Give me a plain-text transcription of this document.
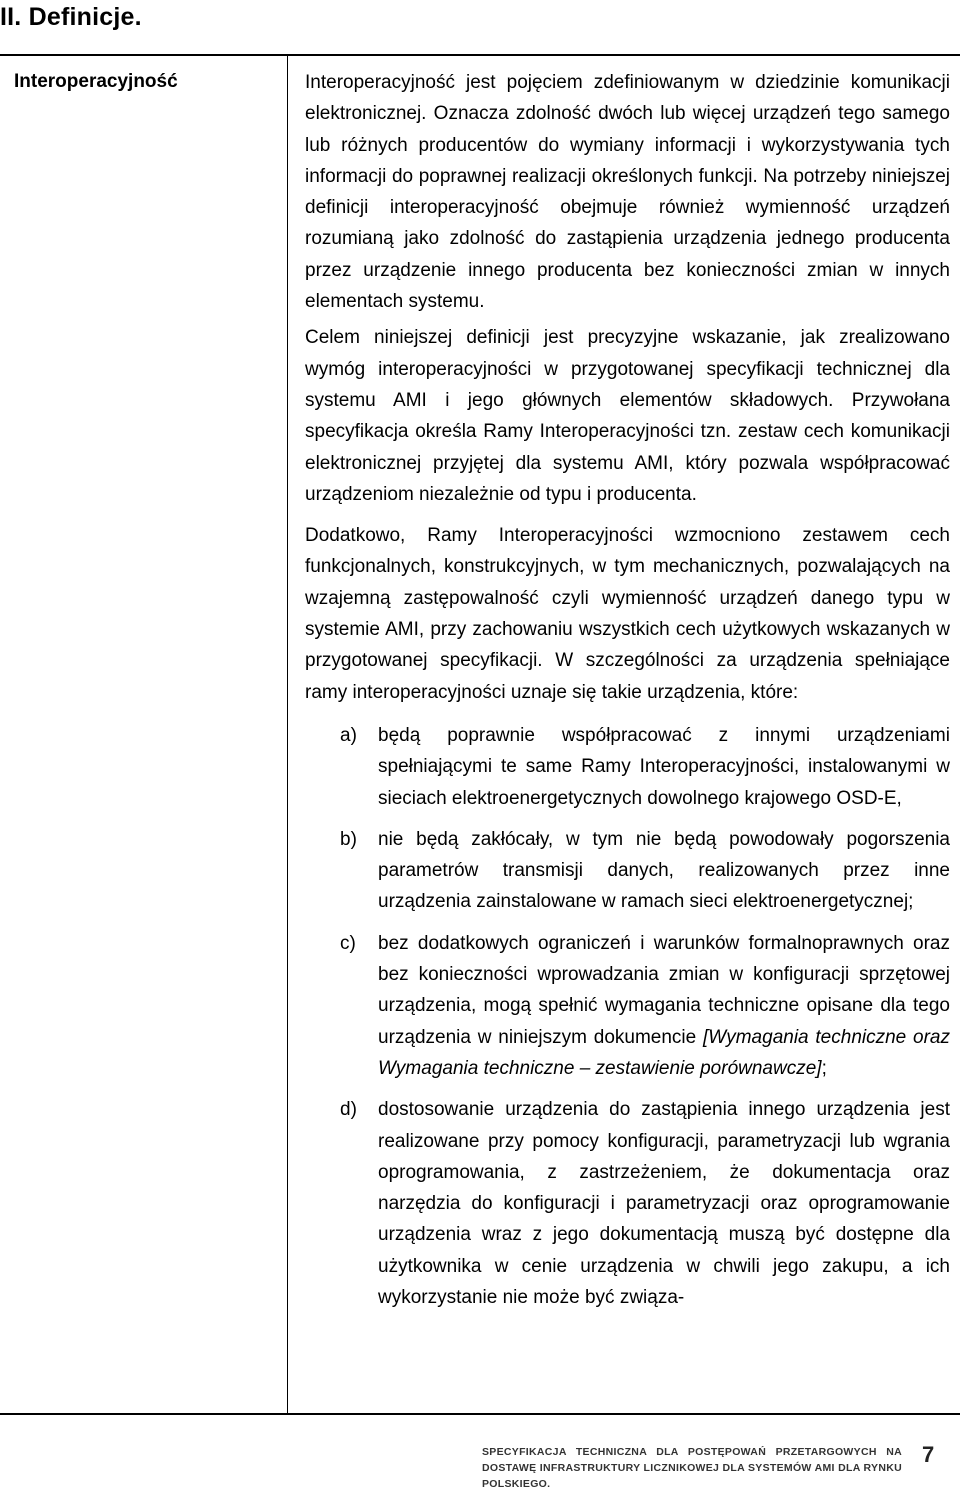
II. Definicje.
Interoperacyjność	Interoperacyjność jest pojęciem zdefiniowanym w dziedzinie komunikacji elektronicznej. Oznacza zdolność dwóch lub więcej urządzeń tego samego lub różnych producentów do wymiany informacji i wykorzystywania tych informacji do poprawnej realizacji określonych funkcji. Na potrzeby niniejszej definicji interoperacyjność obejmuje również wymienność urządzeń rozumianą jako zdolność do zastąpienia urządzenia jednego producenta przez urządzenie innego producenta bez konieczności zmian w innych elementach systemu.

Celem niniejszej definicji jest precyzyjne wskazanie, jak zrealizowano wymóg interoperacyjności w przygotowanej specyfikacji technicznej dla systemu AMI i jego głównych elementów składowych. Przywołana specyfikacja określa Ramy Interoperacyjności tzn. zestaw cech komunikacji elektronicznej przyjętej dla systemu AMI, który pozwala współpracować urządzeniom niezależnie od typu i producenta.

Dodatkowo, Ramy Interoperacyjności wzmocniono zestawem cech funkcjonalnych, konstrukcyjnych, w tym mechanicznych, pozwalających na wzajemną zastępowalność czyli wymienność urządzeń danego typu w systemie AMI, przy zachowaniu wszystkich cech użytkowych wskazanych w przygotowanej specyfikacji. W szczególności za urządzenia spełniające ramy interoperacyjności uznaje się takie urządzenia, które:

a) będą poprawnie współpracować z innymi urządzeniami spełniającymi te same Ramy Interoperacyjności, instalowanymi w sieciach elektroenergetycznych dowolnego krajowego OSD-E,
b) nie będą zakłócały, w tym nie będą powodowały pogorszenia parametrów transmisji danych, realizowanych przez inne urządzenia zainstalowane w ramach sieci elektroenergetycznej;
c) bez dodatkowych ograniczeń i warunków formalnoprawnych oraz bez konieczności wprowadzania zmian w konfiguracji sprzętowej urządzenia, mogą spełnić wymagania techniczne opisane dla tego urządzenia w niniejszym dokumencie [Wymagania techniczne oraz Wymagania techniczne – zestawienie porównawcze];
d) dostosowanie urządzenia do zastąpienia innego urządzenia jest realizowane przy pomocy konfiguracji, parametryzacji lub wgrania oprogramowania, z zastrzeżeniem, że dokumentacja oraz narzędzia do konfiguracji i parametryzacji oraz oprogramowanie urządzenia wraz z jego dokumentacją muszą być dostępne dla użytkownika w cenie urządzenia w chwili jego zakupu, a ich wykorzystanie nie może być związa-
SPECYFIKACJA TECHNICZNA DLA POSTĘPOWAŃ PRZETARGOWYCH NA DOSTAWĘ INFRASTRUKTURY LICZNIKOWEJ DLA SYSTEMÓW AMI DLA RYNKU POLSKIEGO.
7
